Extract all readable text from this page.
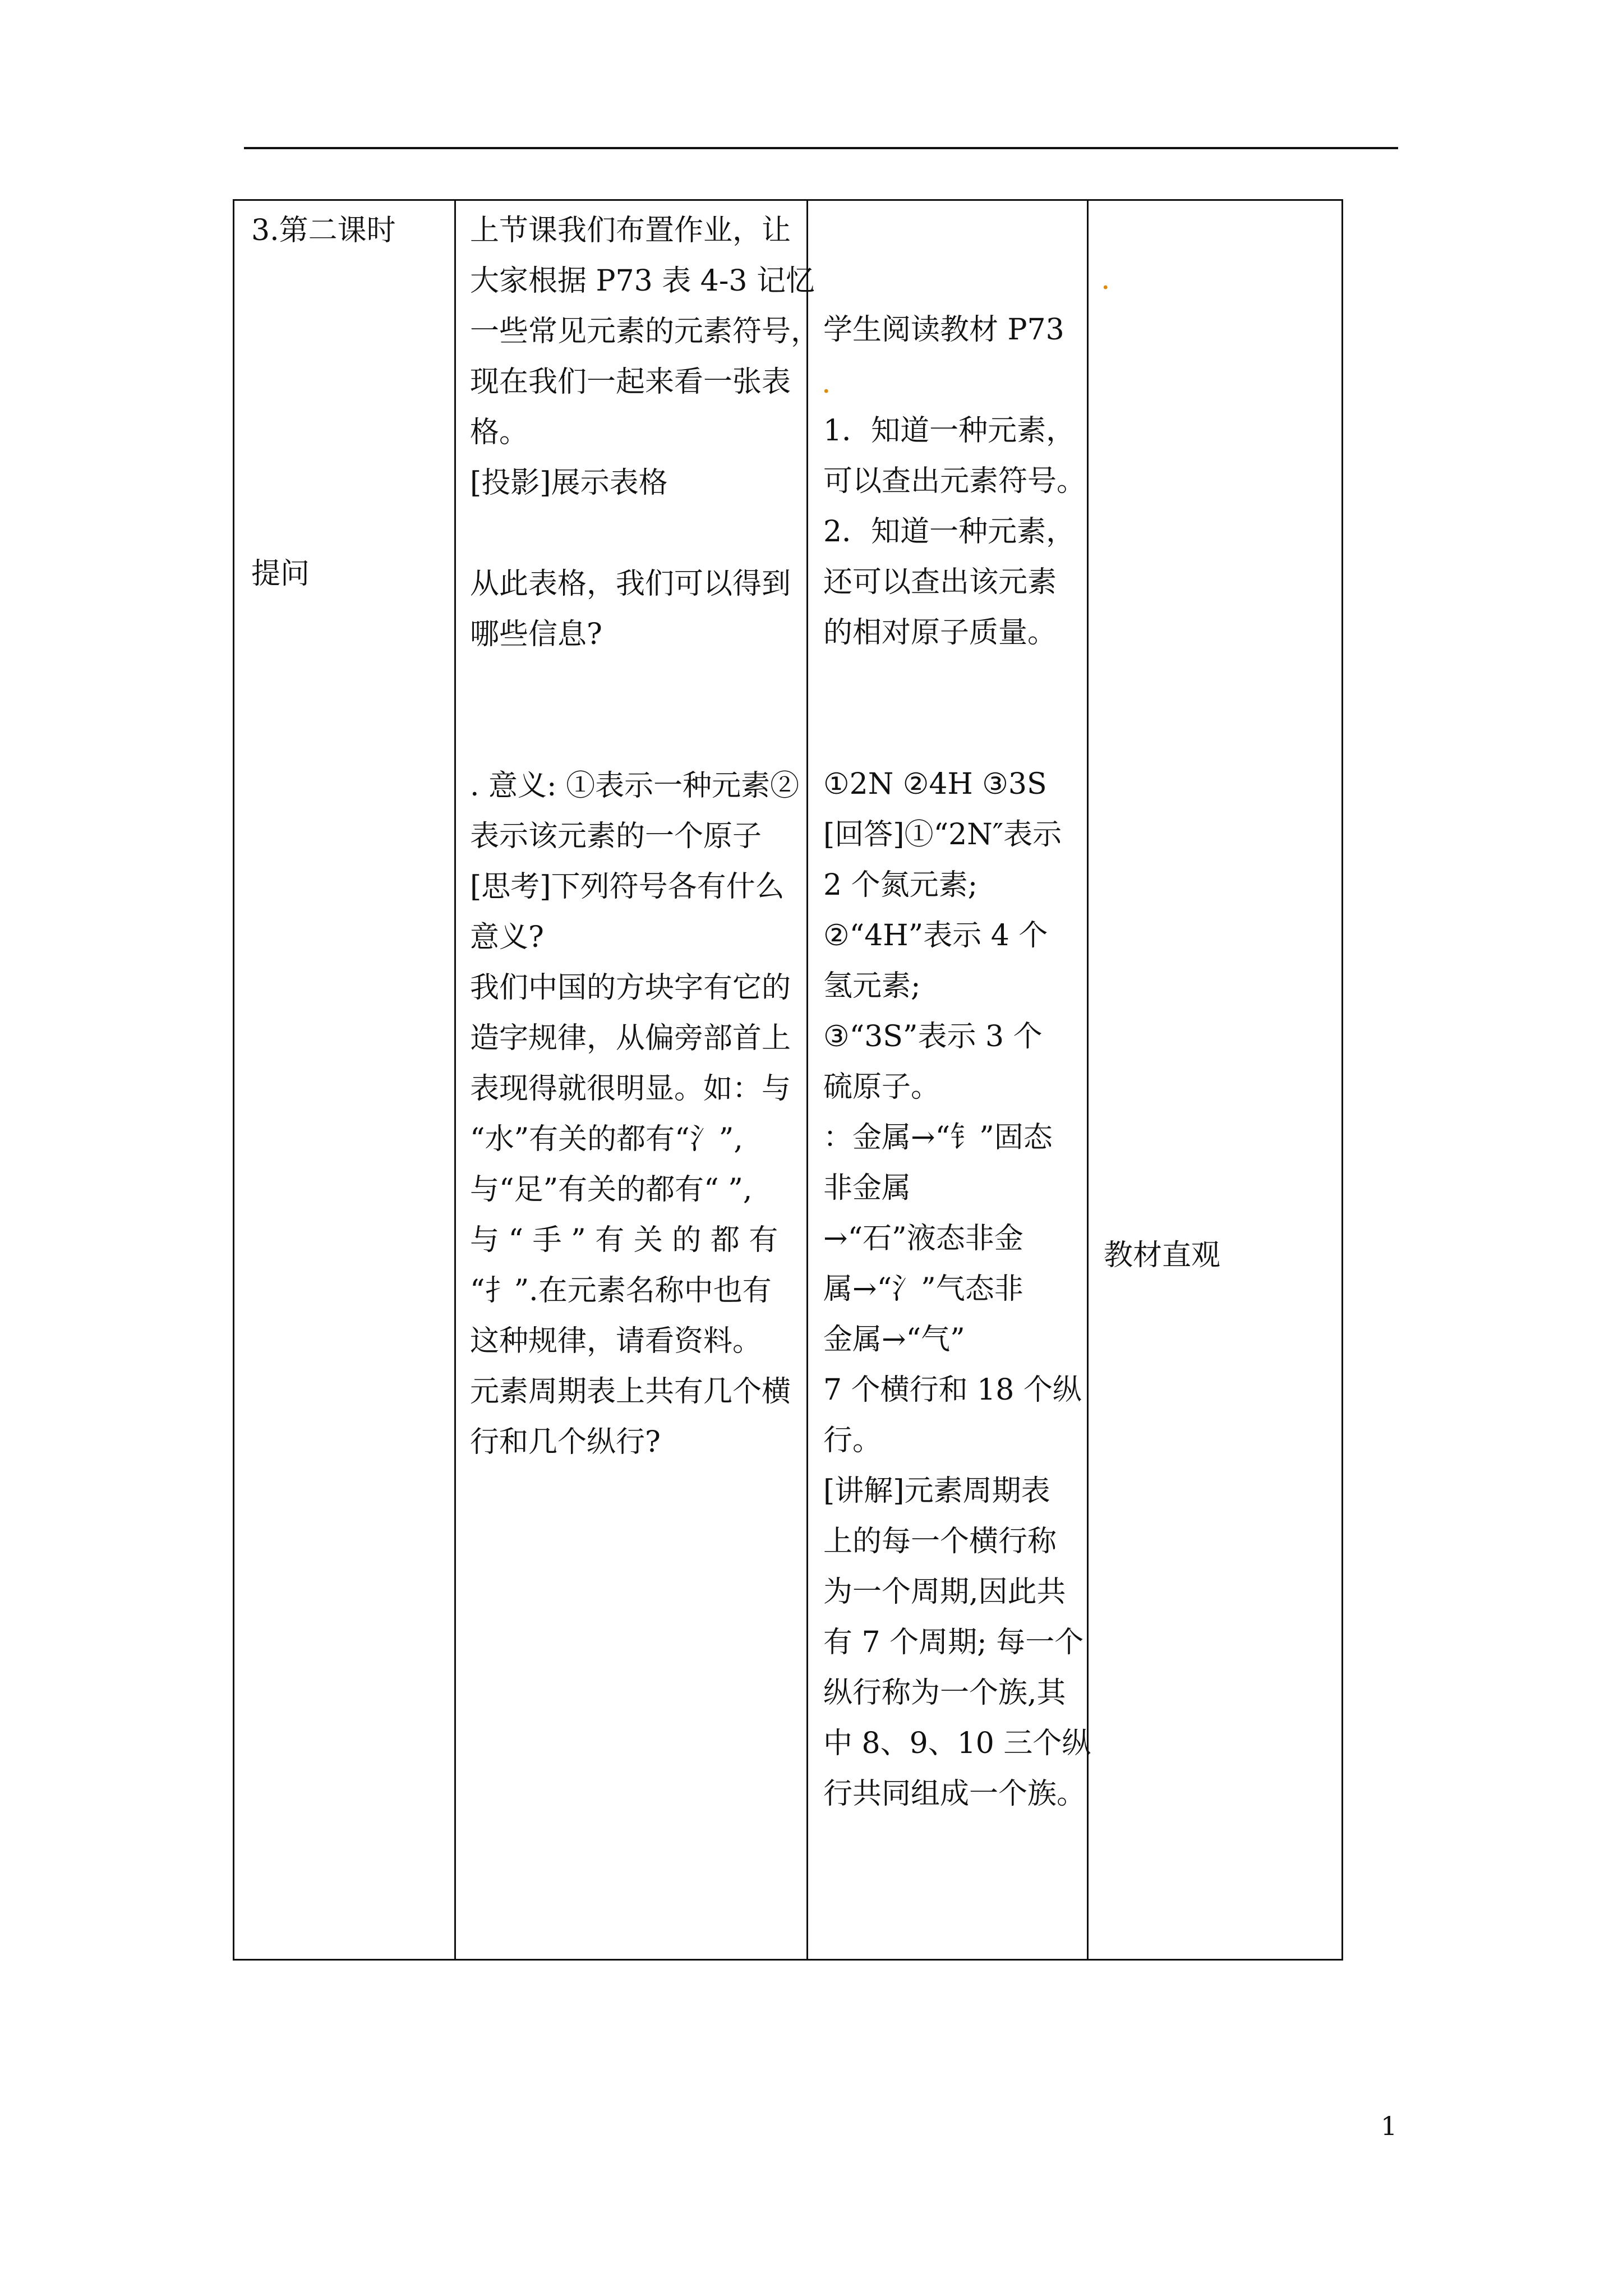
3.第二课时
提问
上节课我们布置作业，让
大家根据 P73 表 4-3 记忆
一些常见元素的元素符号，
现在我们一起来看一张表
格。
[投影]展示表格
从此表格，我们可以得到
哪些信息?
. 意义: ①表示一种元素②
表示该元素的一个原子
[思考]下列符号各有什么
意义?
我们中国的方块字有它的
造字规律，从偏旁部首上
表现得就很明显。如：与
“水”有关的都有“氵”,
与“足”有关的都有“ ”,
与 “ 手 ” 有 关 的 都 有
“扌”.在元素名称中也有
这种规律，请看资料。
元素周期表上共有几个横
行和几个纵行?
.
学生阅读教材 P73
1．知道一种元素，
可以查出元素符号。
2．知道一种元素，
还可以查出该元素
的相对原子质量。
①2N ②4H ③3S
[回答]①“2N″表示
2 个氮元素;
②“4H”表示 4 个
氢元素;
③“3S”表示 3 个
硫原子。
：金属→“钅”固态
非金属
→“石”液态非金
属→“氵”气态非
金属→“气”
7 个横行和 18 个纵
行。
[讲解]元素周期表
上的每一个横行称
为一个周期,因此共
有 7 个周期; 每一个
纵行称为一个族,其
中 8、9、10 三个纵
行共同组成一个族。
.
教材直观
1
